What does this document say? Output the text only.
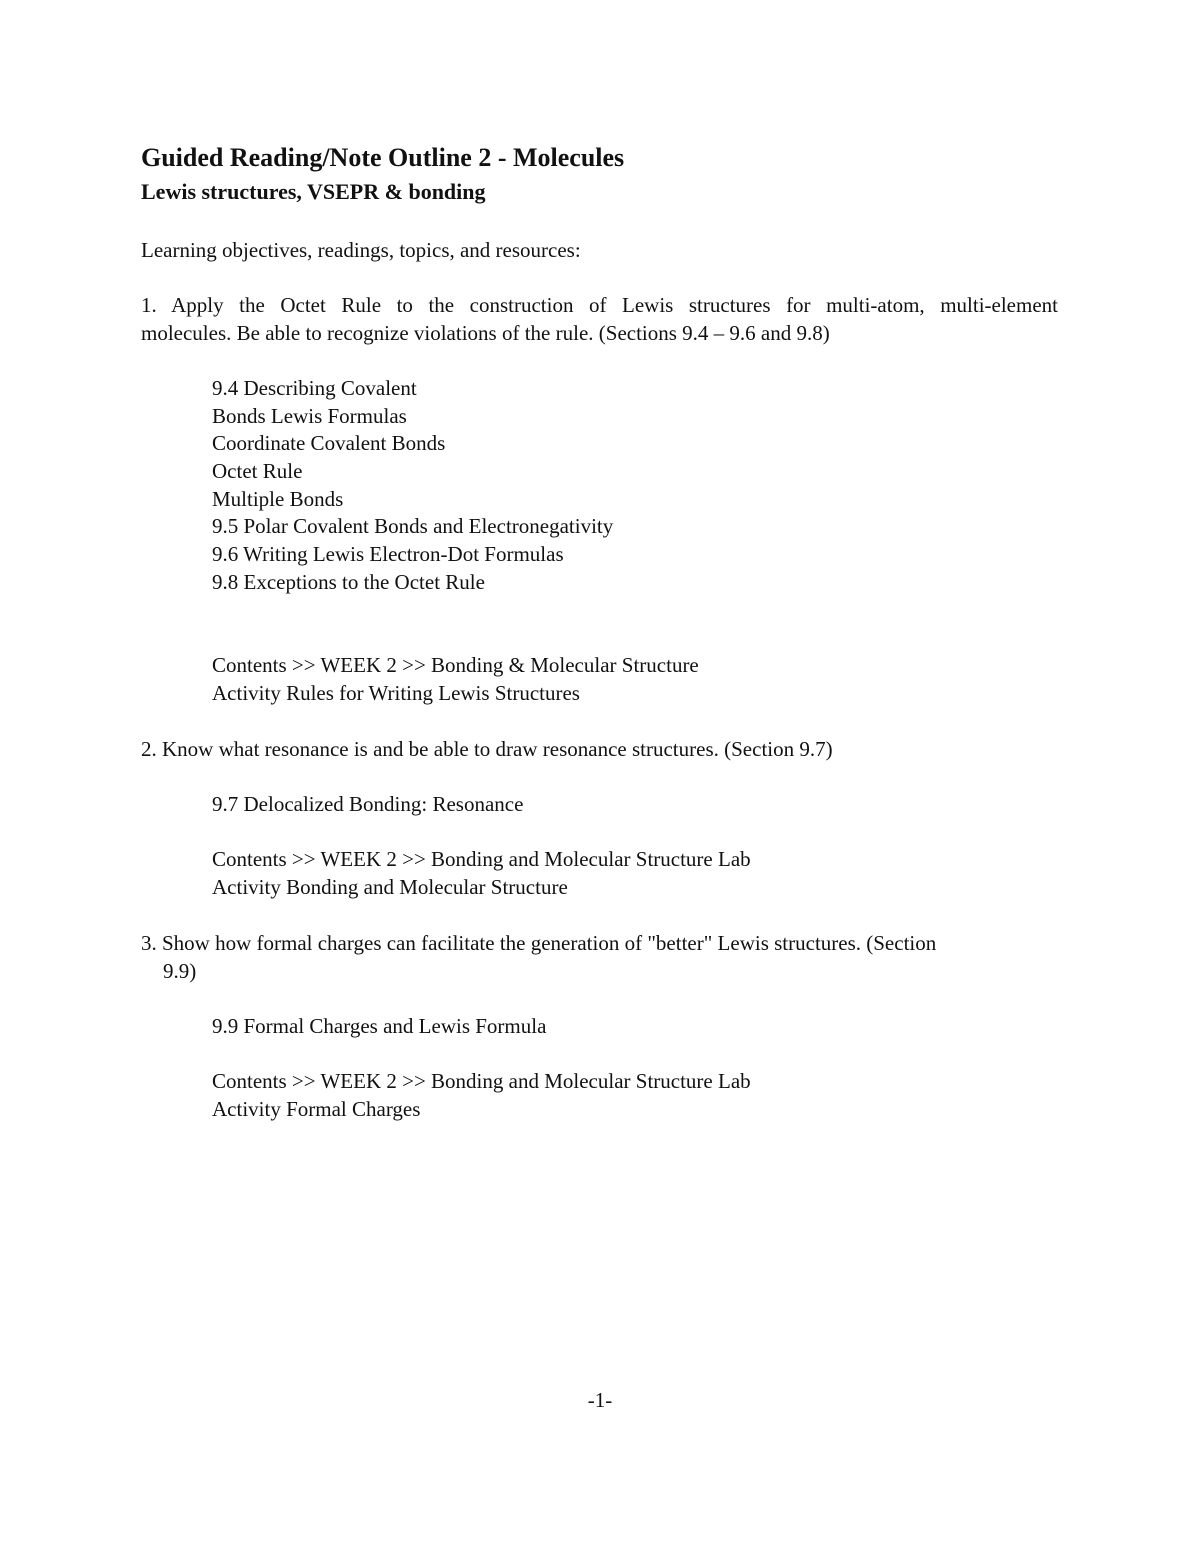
Guided Reading/Note Outline 2 - Molecules
Lewis structures, VSEPR & bonding
Learning objectives, readings, topics, and resources:
1. Apply the Octet Rule to the construction of Lewis structures for multi-atom, multi-element
molecules. Be able to recognize violations of the rule. (Sections 9.4 – 9.6 and 9.8)
9.4 Describing Covalent
Bonds Lewis Formulas
Coordinate Covalent Bonds
Octet Rule
Multiple Bonds
9.5 Polar Covalent Bonds and Electronegativity
9.6 Writing Lewis Electron-Dot Formulas
9.8 Exceptions to the Octet Rule
Contents >> WEEK 2 >> Bonding & Molecular Structure
Activity Rules for Writing Lewis Structures
2. Know what resonance is and be able to draw resonance structures. (Section 9.7)
9.7 Delocalized Bonding: Resonance
Contents >> WEEK 2 >> Bonding and Molecular Structure Lab
Activity Bonding and Molecular Structure
3. Show how formal charges can facilitate the generation of "better" Lewis structures. (Section
9.9)
9.9 Formal Charges and Lewis Formula
Contents >> WEEK 2 >> Bonding and Molecular Structure Lab
Activity Formal Charges
-1-
